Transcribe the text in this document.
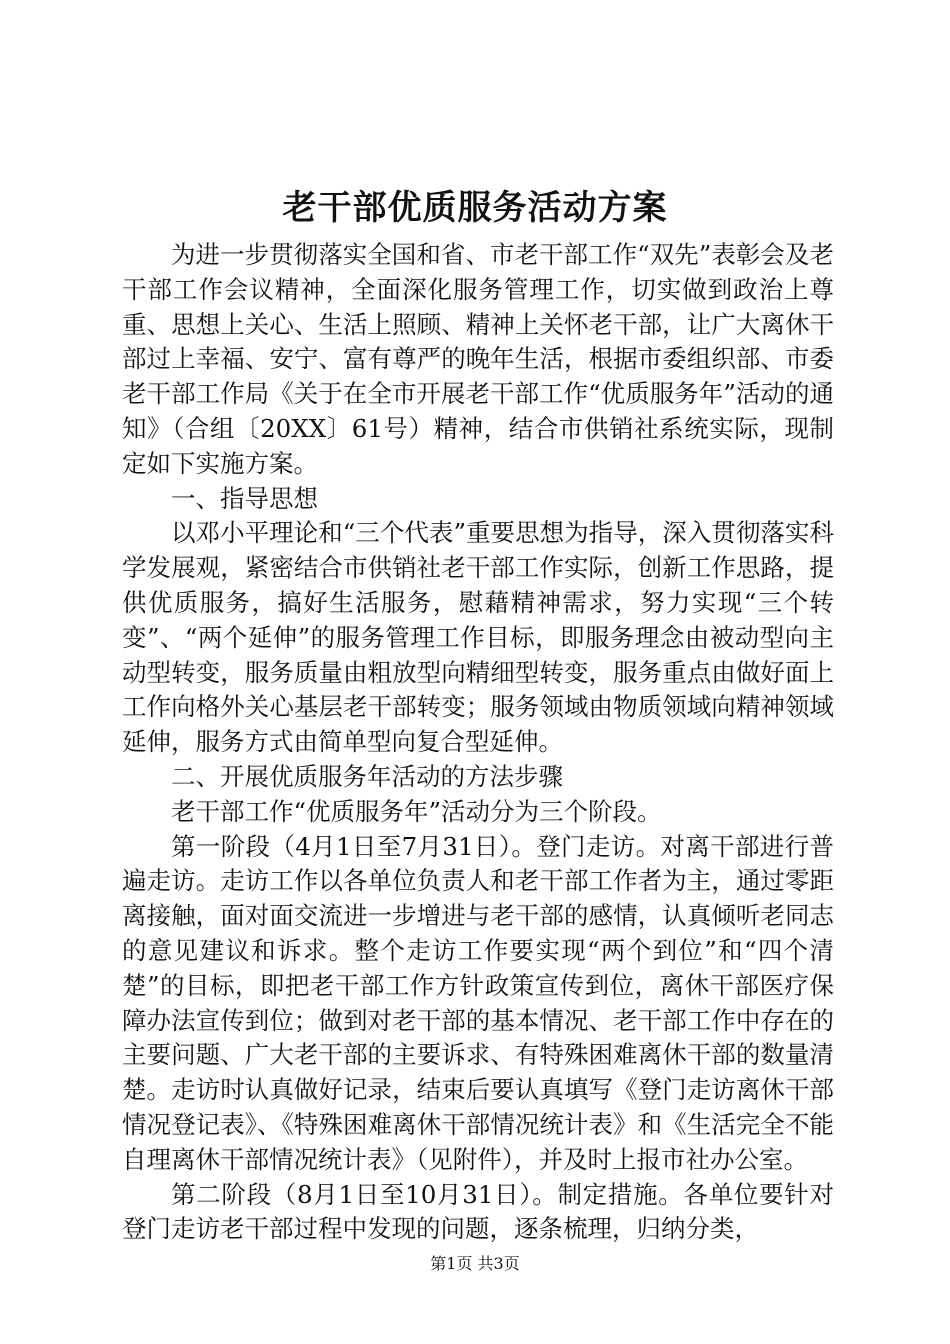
老干部优质服务活动方案

为进一步贯彻落实全国和省、市老干部工作“双先”表彰会及老干部工作会议精神，全面深化服务管理工作，切实做到政治上尊重、思想上关心、生活上照顾、精神上关怀老干部，让广大离休干部过上幸福、安宁、富有尊严的晚年生活，根据市委组织部、市委老干部工作局《关于在全市开展老干部工作“优质服务年”活动的通知》（合组〔20XX〕61号）精神，结合市供销社系统实际，现制定如下实施方案。

一、指导思想

以邓小平理论和“三个代表”重要思想为指导，深入贯彻落实科学发展观，紧密结合市供销社老干部工作实际，创新工作思路，提供优质服务，搞好生活服务，慰藉精神需求，努力实现“三个转变”、“两个延伸”的服务管理工作目标，即服务理念由被动型向主动型转变，服务质量由粗放型向精细型转变，服务重点由做好面上工作向格外关心基层老干部转变；服务领域由物质领域向精神领域延伸，服务方式由简单型向复合型延伸。

二、开展优质服务年活动的方法步骤

老干部工作“优质服务年”活动分为三个阶段。

第一阶段（4月1日至7月31日）。登门走访。对离干部进行普遍走访。走访工作以各单位负责人和老干部工作者为主，通过零距离接触，面对面交流进一步增进与老干部的感情，认真倾听老同志的意见建议和诉求。整个走访工作要实现“两个到位”和“四个清楚”的目标，即把老干部工作方针政策宣传到位，离休干部医疗保障办法宣传到位；做到对老干部的基本情况、老干部工作中存在的主要问题、广大老干部的主要诉求、有特殊困难离休干部的数量清楚。走访时认真做好记录，结束后要认真填写《登门走访离休干部情况登记表》、《特殊困难离休干部情况统计表》和《生活完全不能自理离休干部情况统计表》（见附件），并及时上报市社办公室。

第二阶段（8月1日至10月31日）。制定措施。各单位要针对登门走访老干部过程中发现的问题，逐条梳理，归纳分类，

第1页 共3页
